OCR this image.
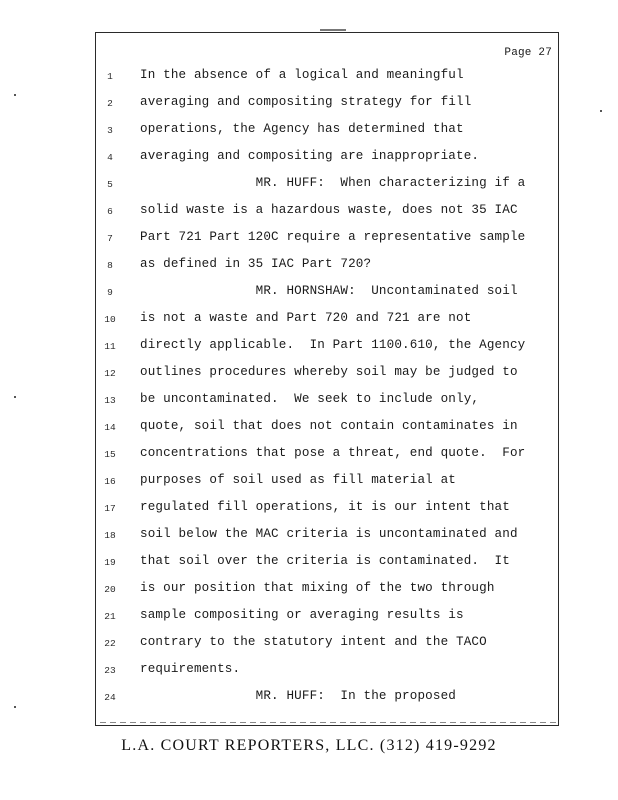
Page 27
1	In the absence of a logical and meaningful
2	averaging and compositing strategy for fill
3	operations, the Agency has determined that
4	averaging and compositing are inappropriate.
5	MR. HUFF:  When characterizing if a
6	solid waste is a hazardous waste, does not 35 IAC
7	Part 721 Part 120C require a representative sample
8	as defined in 35 IAC Part 720?
9	MR. HORNSHAW:  Uncontaminated soil
10	is not a waste and Part 720 and 721 are not
11	directly applicable.  In Part 1100.610, the Agency
12	outlines procedures whereby soil may be judged to
13	be uncontaminated.  We seek to include only,
14	quote, soil that does not contain contaminates in
15	concentrations that pose a threat, end quote.  For
16	purposes of soil used as fill material at
17	regulated fill operations, it is our intent that
18	soil below the MAC criteria is uncontaminated and
19	that soil over the criteria is contaminated.  It
20	is our position that mixing of the two through
21	sample compositing or averaging results is
22	contrary to the statutory intent and the TACO
23	requirements.
24	MR. HUFF:  In the proposed
L.A. COURT REPORTERS, LLC. (312) 419-9292
